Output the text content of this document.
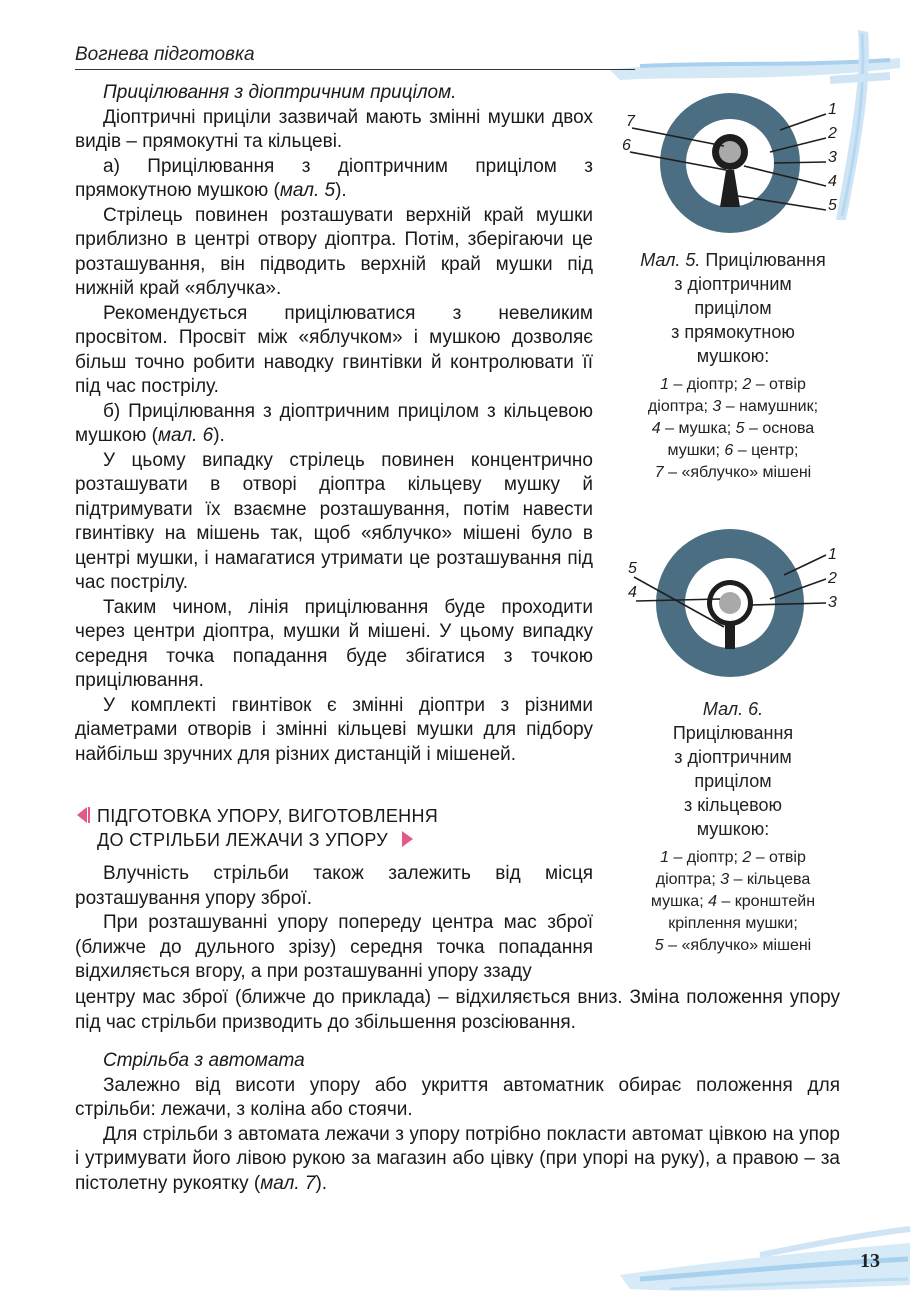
Вогнева підготовка

Прицілювання з діоптричним прицілом.

Діоптричні приціли зазвичай мають змінні мушки двох видів – прямокутні та кільцеві.

а) Прицілювання з діоптричним прицілом з прямокутною мушкою (мал. 5).

Стрілець повинен розташувати верхній край мушки приблизно в центрі отвору діоптра. Потім, зберігаючи це розташування, він підводить верхній край мушки під нижній край «яблучка».

Рекомендується прицілюватися з невеликим просвітом. Просвіт між «яблучком» і мушкою дозволяє більш точно робити наводку гвинтівки й контролювати її під час пострілу.

б) Прицілювання з діоптричним прицілом з кільцевою мушкою (мал. 6).

У цьому випадку стрілець повинен концентрично розташувати в отворі діоптра кільцеву мушку й підтримувати їх взаємне розташування, потім навести гвинтівку на мішень так, щоб «яблучко» мішені було в центрі мушки, і намагатися утримати це розташування під час пострілу.

Таким чином, лінія прицілювання буде проходити через центри діоптра, мушки й мішені. У цьому випадку середня точка попадання буде збігатися з точкою прицілювання.

У комплекті гвинтівок є змінні діоптри з різними діаметрами отворів і змінні кільцеві мушки для підбору найбільш зручних для різних дистанцій і мішеней.

1
2
3
4
5
6
7
Мал. 5. Прицілювання
з діоптричним
прицілом
з прямокутною
мушкою:
1 – діоптр; 2 – отвір
діоптра; 3 – намушник;
4 – мушка; 5 – основа
мушки; 6 – центр;
7 – «яблучко» мішені
1
2
3
4
5
Мал. 6.
Прицілювання
з діоптричним
прицілом
з кільцевою
мушкою:
1 – діоптр; 2 – отвір
діоптра; 3 – кільцева
мушка; 4 – кронштейн
кріплення мушки;
5 – «яблучко» мішені
ПІДГОТОВКА УПОРУ, ВИГОТОВЛЕННЯ
ДО СТРІЛЬБИ ЛЕЖАЧИ З УПОРУ

Влучність стрільби також залежить від місця розташування упору зброї.

При розташуванні упору попереду центра мас зброї (ближче до дульного зрізу) середня точка попадання відхиляється вгору, а при розташуванні упору ззаду

центру мас зброї (ближче до приклада) – відхиляється вниз. Зміна положення упору під час стрільби призводить до збільшення розсіювання.

Стрільба з автомата

Залежно від висоти упору або укриття автоматник обирає положення для стрільби: лежачи, з коліна або стоячи.

Для стрільби з автомата лежачи з упору потрібно покласти автомат цівкою на упор і утримувати його лівою рукою за магазин або цівку (при упорі на руку), а правою – за пістолетну рукоятку (мал. 7).

13
